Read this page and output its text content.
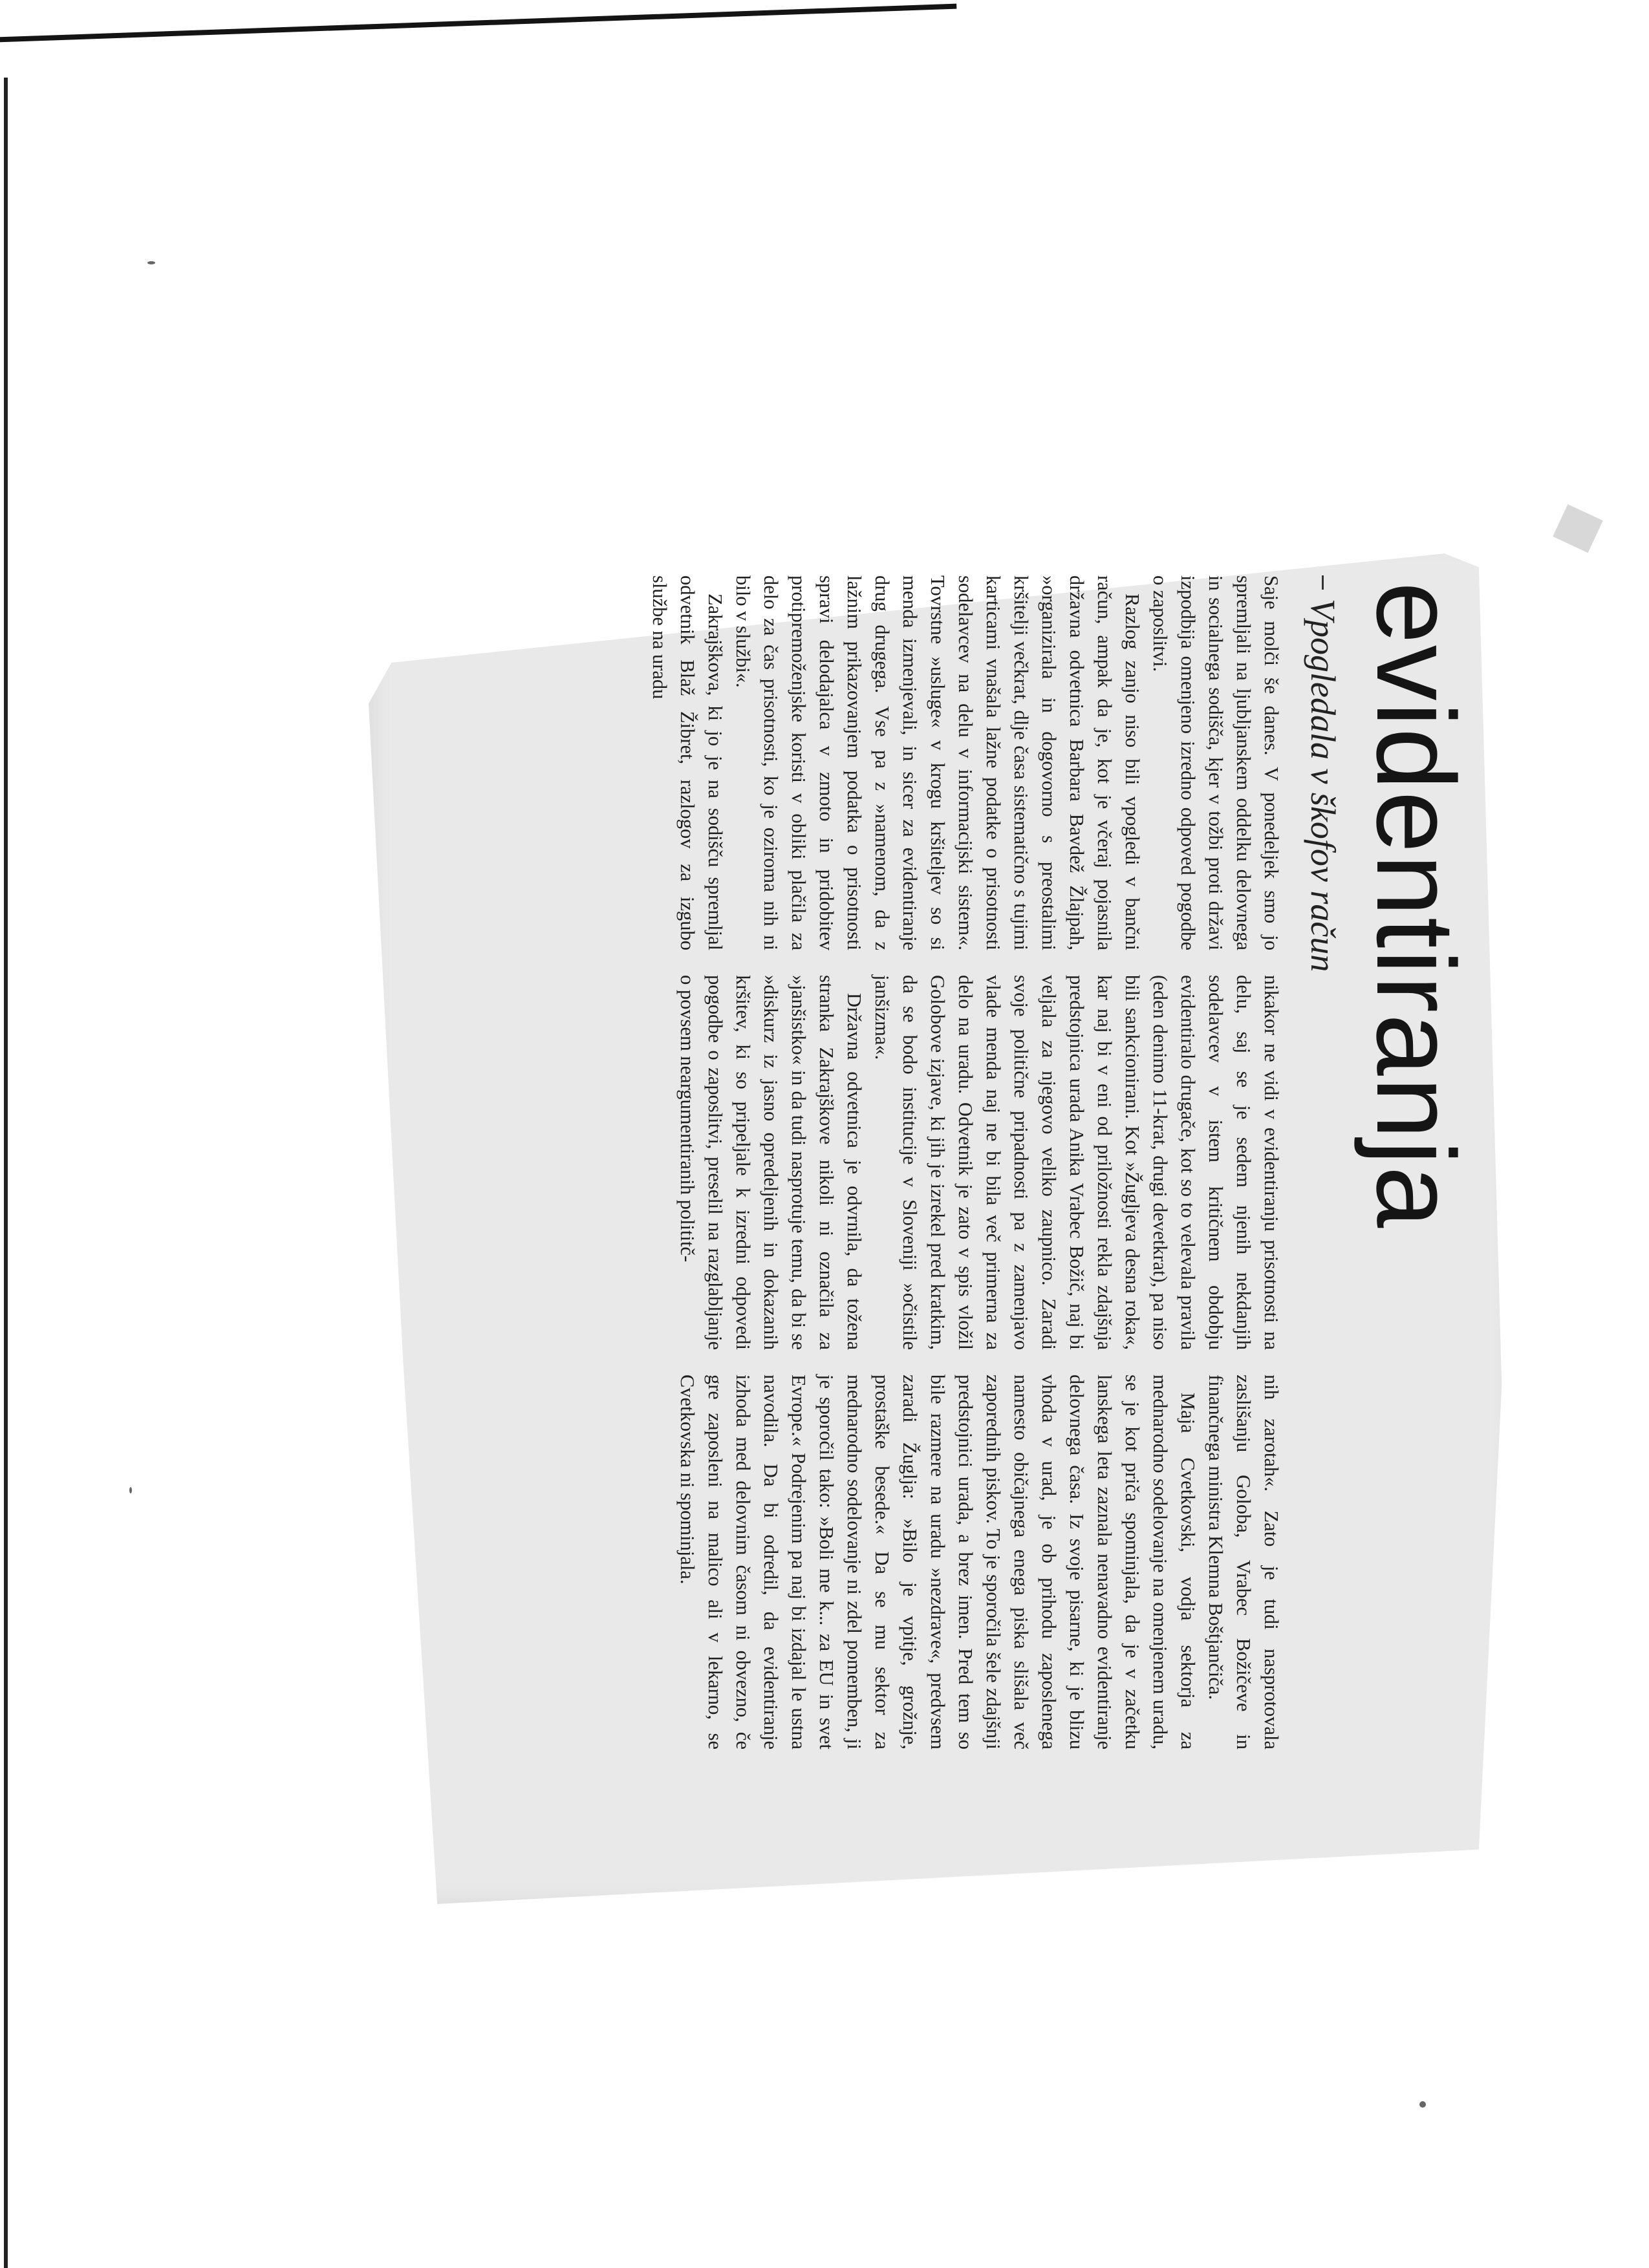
evidentiranja
Vpogledala v škofov račun

Saje molči še danes. V ponedeljek smo jo spremljali na ljubljanskem oddelku delovnega in socialnega sodišča, kjer v tožbi proti državi izpodbija omenjeno izredno odpoved pogodbe o zaposlitvi.

Razlog zanjo niso bili vpogledi v bančni račun, ampak da je, kot je včeraj pojasnila državna odvetnica Barbara Bavdež Žlajpah, »organizirala in dogovorno s preostalimi kršitelji večkrat, dlje časa sistematično s tujimi karticami vnašala lažne podatke o prisotnosti sodelavcev na delu v informacijski sistem«. Tovrstne »usluge« v krogu kršiteljev so si menda izmenjevali, in sicer za evidentiranje drug drugega. Vse pa z »namenom, da z lažnim prikazovanjem podatka o prisotnosti spravi delodajalca v zmoto in pridobitev protipremoženjske koristi v obliki plačila za delo za čas prisotnosti, ko je oziroma nih ni bilo v službi«.

Zakrajškova, ki jo je na sodišču spremljal odvetnik Blaž Žibret, razlogov za izgubo službe na uradu

nikakor ne vidi v evidentiranju prisotnosti na delu, saj se je sedem njenih nekdanjih sodelavcev v istem kritičnem obdobju evidentiralo drugače, kot so to velevala pravila (eden denimo 11-krat, drugi devetkrat), pa niso bili sankcionirani. Kot »Žugljeva desna roka«, kar naj bi v eni od priložnosti rekla zdajšnja predstojnica urada Anika Vrabec Božič, naj bi veljala za njegovo veliko zaupnico. Zaradi svoje politične pripadnosti pa z zamenjavo vlade menda naj ne bi bila več primerna za delo na uradu. Odvetnik je zato v spis vložil Golobove izjave, ki jih je izrekel pred kratkim, da se bodo institucije v Sloveniji »očistile janšizma«.

Državna odvetnica je odvrnila, da tožena stranka Zakrajškove nikoli ni označila za »janšistko« in da tudi nasprotuje temu, da bi se »diskurz iz jasno opredeljenih in dokazanih kršitev, ki so pripeljale k izredni odpovedi pogodbe o zaposlitvi, preselil na razglabljanje o povsem neargumentiranih polititč-

nih zarotah«. Zato je tudi nasprotovala zaslišanju Goloba, Vrabec Božičeve in finančnega ministra Klemna Boštjančiča.

Maja Cvetkovski, vodja sektorja za mednarodno sodelovanje na omenjenem uradu, se je kot priča spominjala, da je v začetku lanskega leta zaznala nenavadno evidentiranje delovnega časa. Iz svoje pisarne, ki je blizu vhoda v urad, je ob prihodu zaposlenega namesto običajnega enega piska slišala več zaporednih piskov. To je sporočila šele zdajšnji predstojnici urada, a brez imen. Pred tem so bile razmere na uradu »nezdrave«, predvsem zaradi Žuglja: »Bilo je vpitje, grožnje, prostaške besede.« Da se mu sektor za mednarodno sodelovanje ni zdel pomemben, ji je sporočil tako: »Boli me k... za EU in svet Evrope.« Podrejenim pa naj bi izdajal le ustna navodila. Da bi odredil, da evidentiranje izhoda med delovnim časom ni obvezno, če gre zaposleni na malico ali v lekarno, se Cvetkovska ni spominjala.
